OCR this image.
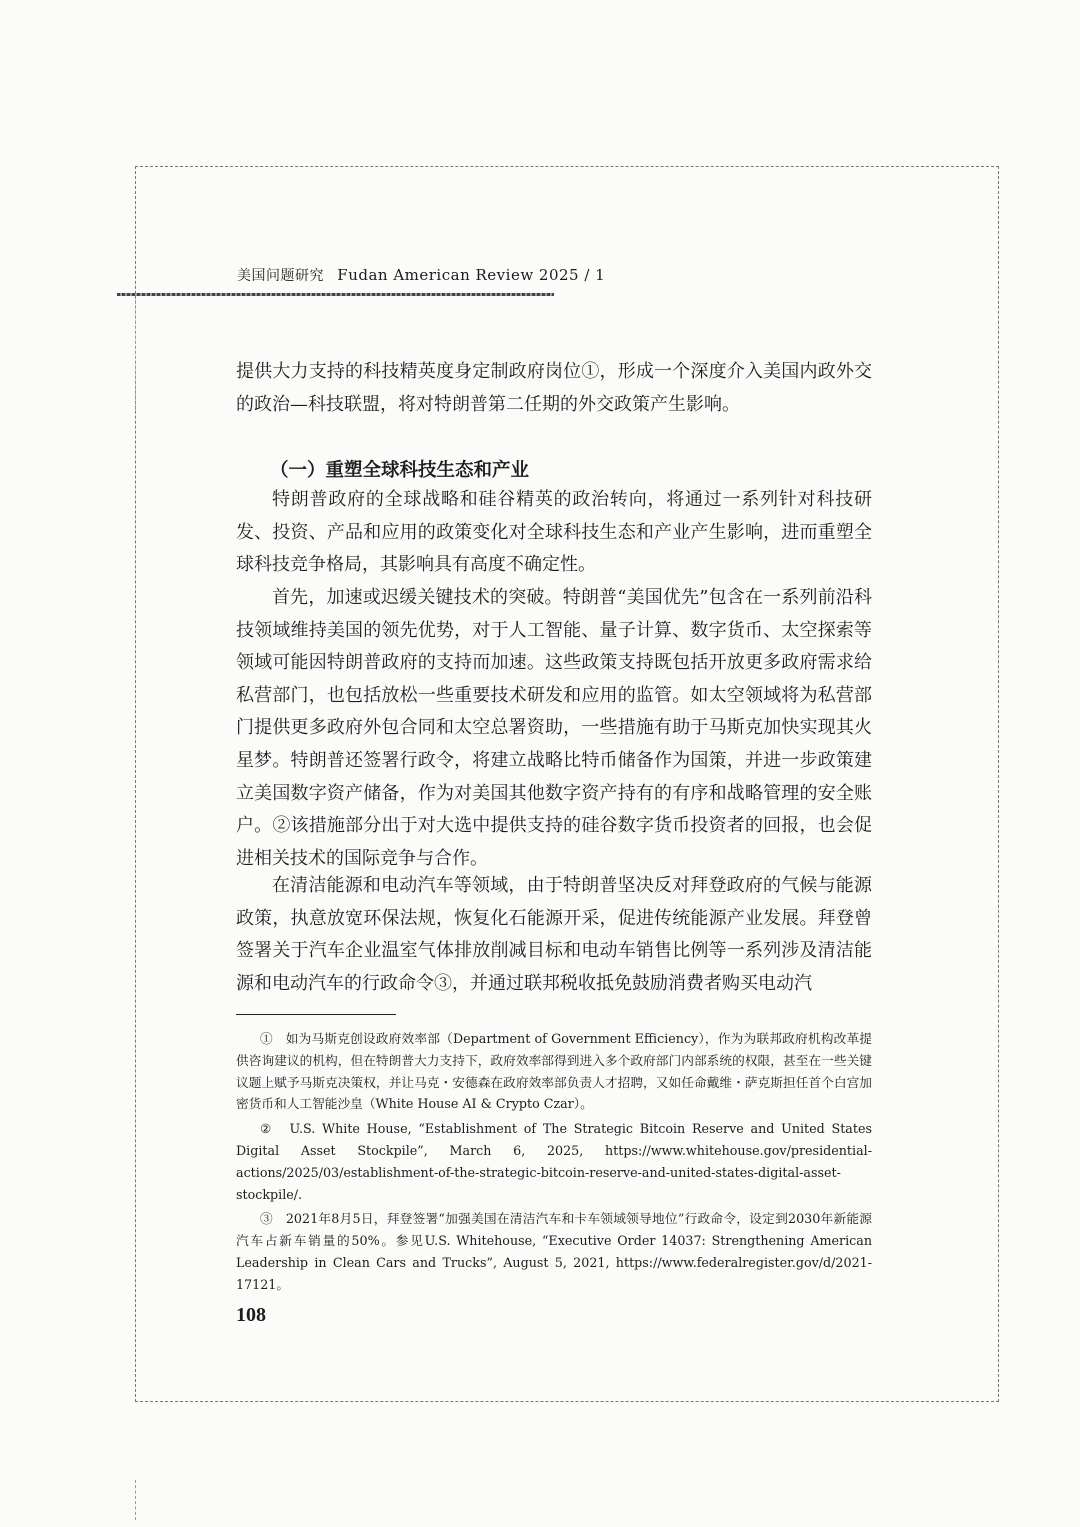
美国问题研究 Fudan American Review 2025 / 1

提供大力支持的科技精英度身定制政府岗位①，形成一个深度介入美国内政外交的政治—科技联盟，将对特朗普第二任期的外交政策产生影响。

（一）重塑全球科技生态和产业

特朗普政府的全球战略和硅谷精英的政治转向，将通过一系列针对科技研发、投资、产品和应用的政策变化对全球科技生态和产业产生影响，进而重塑全球科技竞争格局，其影响具有高度不确定性。

首先，加速或迟缓关键技术的突破。特朗普“美国优先”包含在一系列前沿科技领域维持美国的领先优势，对于人工智能、量子计算、数字货币、太空探索等领域可能因特朗普政府的支持而加速。这些政策支持既包括开放更多政府需求给私营部门，也包括放松一些重要技术研发和应用的监管。如太空领域将为私营部门提供更多政府外包合同和太空总署资助，一些措施有助于马斯克加快实现其火星梦。特朗普还签署行政令，将建立战略比特币储备作为国策，并进一步政策建立美国数字资产储备，作为对美国其他数字资产持有的有序和战略管理的安全账户。②该措施部分出于对大选中提供支持的硅谷数字货币投资者的回报，也会促进相关技术的国际竞争与合作。

在清洁能源和电动汽车等领域，由于特朗普坚决反对拜登政府的气候与能源政策，执意放宽环保法规，恢复化石能源开采，促进传统能源产业发展。拜登曾签署关于汽车企业温室气体排放削减目标和电动车销售比例等一系列涉及清洁能源和电动汽车的行政命令③，并通过联邦税收抵免鼓励消费者购买电动汽

①　如为马斯克创设政府效率部（Department of Government Efficiency），作为为联邦政府机构改革提供咨询建议的机构，但在特朗普大力支持下，政府效率部得到进入多个政府部门内部系统的权限，甚至在一些关键议题上赋予马斯克决策权，并让马克・安德森在政府效率部负责人才招聘，又如任命戴维・萨克斯担任首个白宫加密货币和人工智能沙皇（White House AI & Crypto Czar）。

②　U.S. White House, “Establishment of The Strategic Bitcoin Reserve and United States Digital Asset Stockpile”, March 6, 2025, https://www.whitehouse.gov/presidential-actions/2025/03/establishment-of-the-strategic-bitcoin-reserve-and-united-states-digital-asset-stockpile/.

③　2021年8月5日，拜登签署“加强美国在清洁汽车和卡车领域领导地位”行政命令，设定到2030年新能源汽车占新车销量的50%。参见U.S. Whitehouse, “Executive Order 14037: Strengthening American Leadership in Clean Cars and Trucks”, August 5, 2021, https://www.federalregister.gov/d/2021-17121。

108
